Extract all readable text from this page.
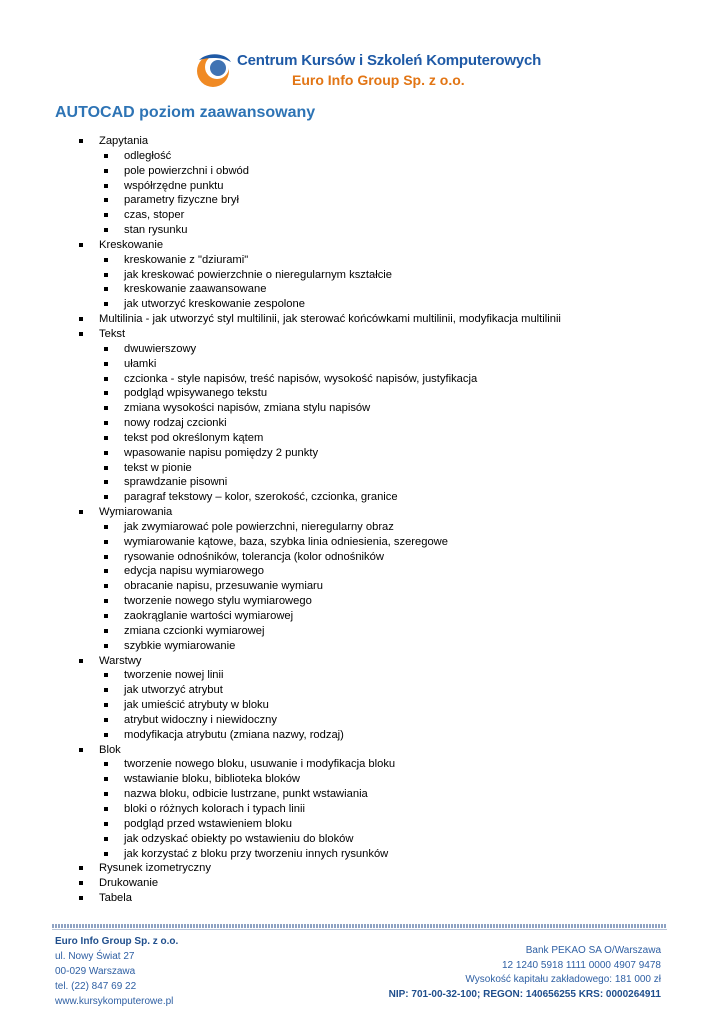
Centrum Kursów i Szkoleń Komputerowych
Euro Info Group Sp. z o.o.
AUTOCAD poziom zaawansowany
Zapytania
odległość
pole powierzchni i obwód
współrzędne punktu
parametry fizyczne brył
czas, stoper
stan rysunku
Kreskowanie
kreskowanie z "dziurami"
jak kreskować powierzchnie o nieregularnym kształcie
kreskowanie zaawansowane
jak utworzyć kreskowanie zespolone
Multilinia - jak utworzyć styl multilinii, jak sterować końcówkami multilinii, modyfikacja multilinii
Tekst
dwuwierszowy
ułamki
czcionka - style napisów, treść napisów, wysokość napisów, justyfikacja
podgląd wpisywanego tekstu
zmiana wysokości napisów, zmiana stylu napisów
nowy rodzaj czcionki
tekst pod określonym kątem
wpasowanie napisu pomiędzy 2 punkty
tekst w pionie
sprawdzanie pisowni
paragraf tekstowy – kolor, szerokość, czcionka, granice
Wymiarowania
jak zwymiarować pole powierzchni, nieregularny obraz
wymiarowanie kątowe, baza, szybka linia odniesienia, szeregowe
rysowanie odnośników, tolerancja (kolor odnośników
edycja napisu wymiarowego
obracanie napisu, przesuwanie wymiaru
tworzenie nowego stylu wymiarowego
zaokrąglanie wartości wymiarowej
zmiana czcionki wymiarowej
szybkie wymiarowanie
Warstwy
tworzenie nowej linii
jak utworzyć atrybut
jak umieścić atrybuty w bloku
atrybut widoczny i niewidoczny
modyfikacja atrybutu (zmiana nazwy, rodzaj)
Blok
tworzenie nowego bloku, usuwanie i modyfikacja bloku
wstawianie bloku, biblioteka bloków
nazwa bloku, odbicie lustrzane, punkt wstawiania
bloki o różnych kolorach i typach linii
podgląd przed wstawieniem bloku
jak odzyskać obiekty po wstawieniu do bloków
jak korzystać z bloku przy tworzeniu innych rysunków
Rysunek izometryczny
Drukowanie
Tabela
Euro Info Group Sp. z o.o.
ul. Nowy Świat 27
00-029 Warszawa
tel. (22) 847 69 22
www.kursykomputerowe.pl
Bank PEKAO SA O/Warszawa
12 1240 5918 1111 0000 4907 9478
Wysokość kapitału zakładowego: 181 000 zł
NIP: 701-00-32-100; REGON: 140656255 KRS: 0000264911
